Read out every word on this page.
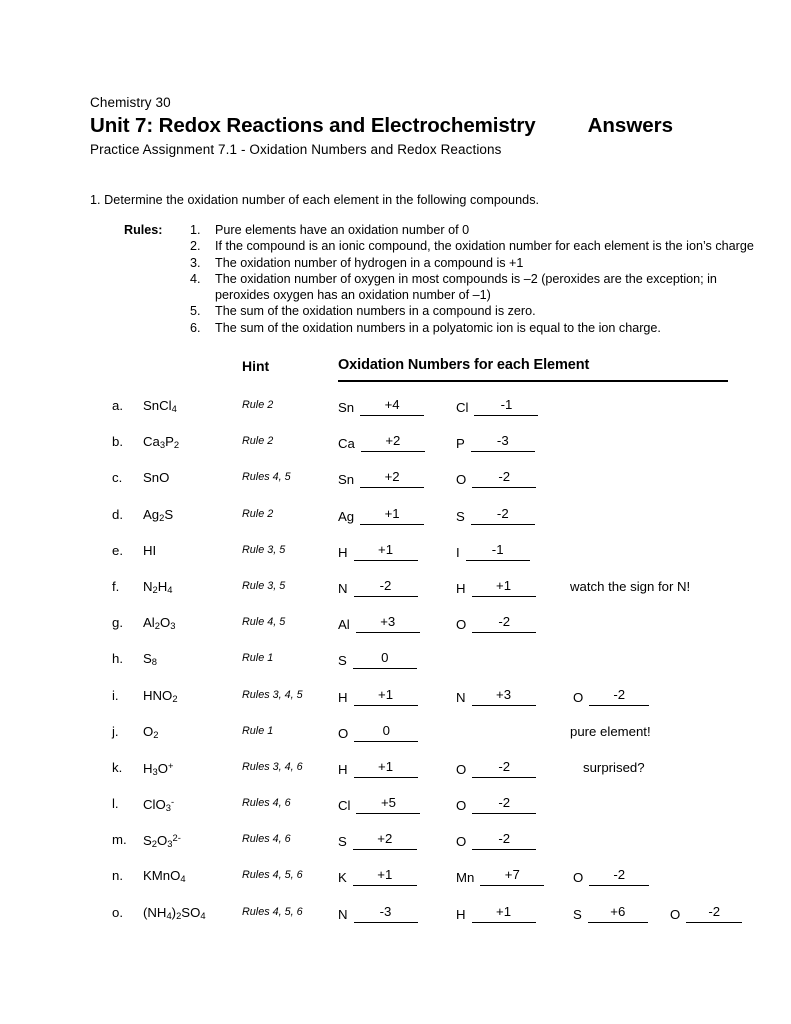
Chemistry 30
Unit 7: Redox Reactions and Electrochemistry	Answers
Practice Assignment 7.1 - Oxidation Numbers and Redox Reactions
1. Determine the oxidation number of each element in the following compounds.
Rules:	1.	Pure elements have an oxidation number of 0
2.	If the compound is an ionic compound, the oxidation number for each element is the ion’s charge
3.	The oxidation number of hydrogen in a compound is +1
4.	The oxidation number of oxygen in most compounds is –2 (peroxides are the exception; in peroxides oxygen has an oxidation number of –1)
5.	The sum of the oxidation numbers in a compound is zero.
6.	The sum of the oxidation numbers in a polyatomic ion is equal to the ion charge.
Hint	Oxidation Numbers for each Element
a. SnCl$_4$	Rule 2	Sn	+4	Cl	-1
b. $Ca_3P_2$	Rule 2	Ca	+2	P	-3
c. SnO	Rules 4, 5	Sn	+2	O	-2
d. $Ag_2S$	Rule 2	Ag	+1	S	-2
e. HI	Rule 3, 5	H	+1	I	-1
f. $N_2H_4$	Rule 3, 5	N	-2	H	+1	watch the sign for N!
g. $Al_2O_3$	Rule 4, 5	Al	+3	O	-2
h. $S_8$	Rule 1	S	0
i. $HNO_2$	Rules 3, 4, 5	H	+1	N	+3	O	-2
j. $O_2$	Rule 1	O	0	pure element!
k. $H_3O^+$	Rules 3, 4, 6	H	+1	O	-2	surprised?
l. ClO$_3$-	Rules 4, 6	Cl	+5	O	-2
m. $S_2O_3^{2-}$	Rules 4, 6	S	+2	O	-2
n. KMnO$_4$	Rules 4, 5, 6	K	+1	Mn	+7	O	-2
o. $(NH_4)_2SO_4$	Rules 4, 5, 6	N	-3	H	+1	S	+6	O	-2
